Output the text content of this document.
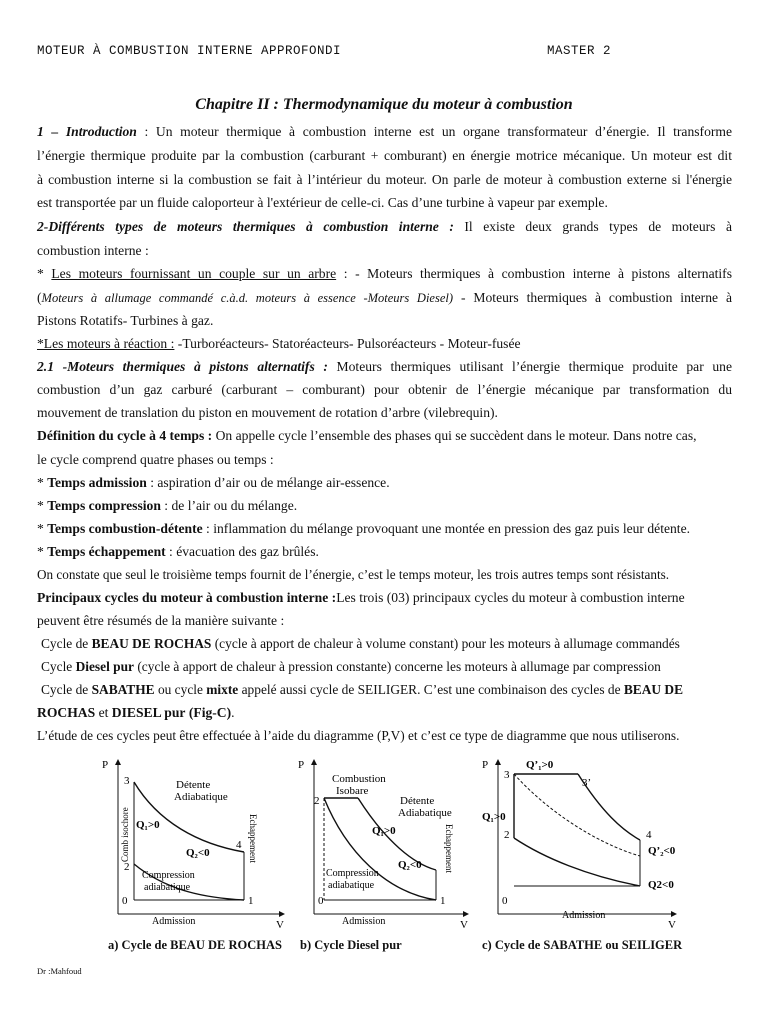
MOTEUR À COMBUSTION INTERNE APPROFONDI	MASTER 2
Chapitre II : Thermodynamique du moteur à combustion
1 – Introduction : Un moteur thermique à combustion interne est un organe transformateur d’énergie. Il transforme
l’énergie thermique produite par la combustion (carburant + comburant) en énergie motrice mécanique. Un moteur est dit
à combustion interne si la combustion se fait à l’intérieur du moteur. On parle de moteur à combustion externe si l'énergie
est transportée par un fluide caloporteur à l'extérieur de celle-ci. Cas d’une turbine à vapeur par exemple.
2-Différents types de moteurs thermiques à combustion interne : Il existe deux grands types de moteurs à
combustion interne :
* Les moteurs fournissant un couple sur un arbre : - Moteurs thermiques à combustion interne à pistons alternatifs
(Moteurs à allumage commandé c.à.d. moteurs à essence -Moteurs Diesel) - Moteurs thermiques à combustion interne à
Pistons Rotatifs- Turbines à gaz.
*Les moteurs à réaction : -Turboréacteurs- Statoréacteurs- Pulsoréacteurs - Moteur-fusée
2.1 -Moteurs thermiques à pistons alternatifs : Moteurs thermiques utilisant l’énergie thermique produite par une
combustion d’un gaz carburé (carburant – comburant) pour obtenir de l’énergie mécanique par transformation du
mouvement de translation du piston en mouvement de rotation d’arbre (vilebrequin).
Définition du cycle à 4 temps : On appelle cycle l’ensemble des phases qui se succèdent dans le moteur. Dans notre cas,
le cycle comprend quatre phases ou temps :
* Temps admission : aspiration d’air ou de mélange air-essence.
* Temps compression : de l’air ou du mélange.
* Temps combustion-détente : inflammation du mélange provoquant une montée en pression des gaz puis leur détente.
* Temps échappement : évacuation des gaz brûlés.
On constate que seul le troisième temps fournit de l’énergie, c’est le temps moteur, les trois autres temps sont résistants.
Principaux cycles du moteur à combustion interne :Les trois (03) principaux cycles du moteur à combustion interne
peuvent être résumés de la manière suivante :
Cycle de BEAU DE ROCHAS (cycle à apport de chaleur à volume constant) pour les moteurs à allumage commandés
Cycle Diesel pur (cycle à apport de chaleur à pression constante) concerne les moteurs à allumage par compression
Cycle de SABATHE ou cycle mixte appelé aussi cycle de SEILIGER. C’est une combinaison des cycles de BEAU DE
ROCHAS et DIESEL pur (Fig-C).
L’étude de ces cycles peut être effectuée à l’aide du diagramme (P,V) et c’est ce type de diagramme que nous utiliserons.
P
V
3
4
1
2
0
Détente
Adiabatique
Q₁>0
Q₂<0
Compression
adiabatique
Admission
Comb isochore	Echappement
a) Cycle de BEAU DE ROCHAS
P
V
2
0	1
Combustion
Isobare
Détente
Adiabatique
Q₁>0
Q₂<0
Compression
adiabatique
Admission
Echappement
b) Cycle Diesel pur
P
V
3
3’
2	4
0
Q’₁>0
Q₁>0
Q’₂<0
Q2<0
Admission
c) Cycle de SABATHE ou SEILIGER
Dr :Mahfoud
